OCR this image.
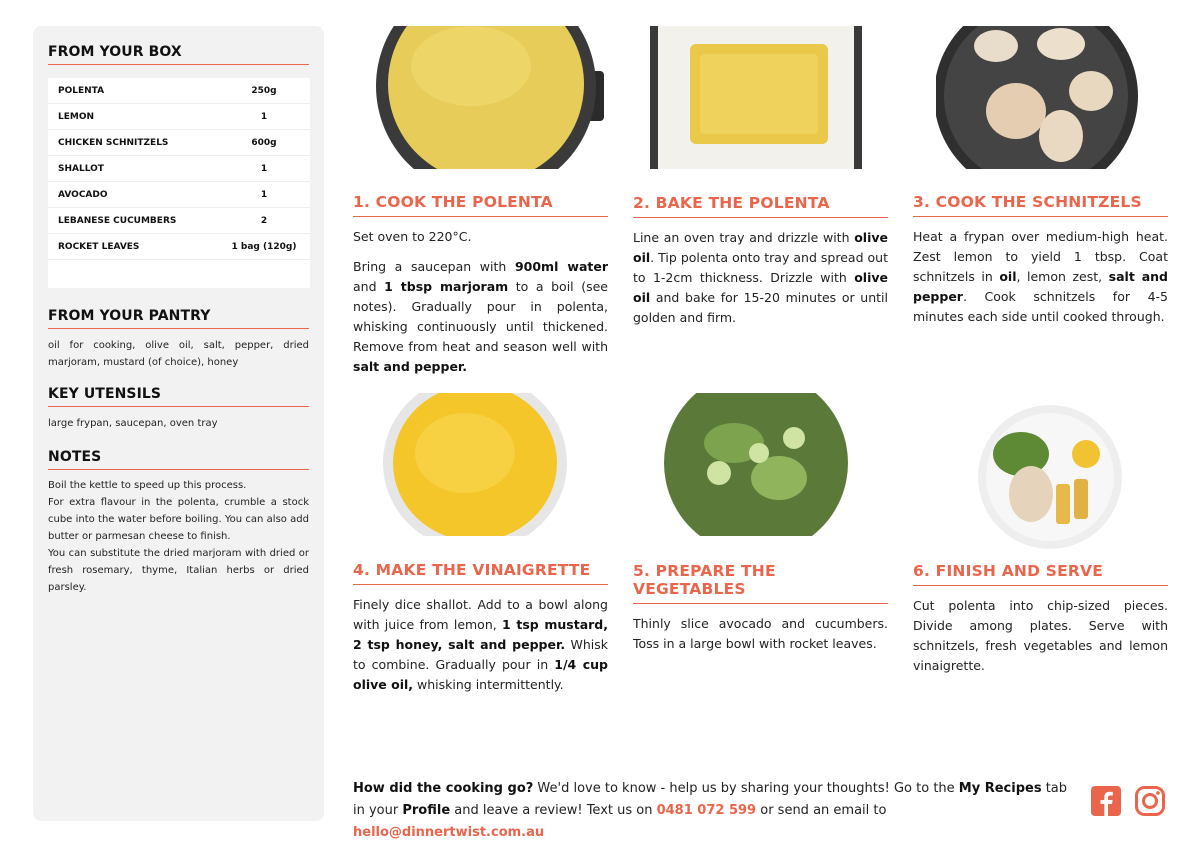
FROM YOUR BOX
POLENTA	250g
LEMON	1
CHICKEN SCHNITZELS	600g
SHALLOT	1
AVOCADO	1
LEBANESE CUCUMBERS	2
ROCKET LEAVES	1 bag (120g)
FROM YOUR PANTRY
oil for cooking, olive oil, salt, pepper, dried marjoram, mustard (of choice), honey
KEY UTENSILS
large frypan, saucepan, oven tray
NOTES
Boil the kettle to speed up this process.
For extra flavour in the polenta, crumble a stock cube into the water before boiling. You can also add butter or parmesan cheese to finish.
You can substitute the dried marjoram with dried or fresh rosemary, thyme, Italian herbs or dried parsley.
1. COOK THE POLENTA

Set oven to 220°C.

Bring a saucepan with 900ml water and 1 tbsp marjoram to a boil (see notes). Gradually pour in polenta, whisking continuously until thickened. Remove from heat and season well with salt and pepper.

2. BAKE THE POLENTA

Line an oven tray and drizzle with olive oil. Tip polenta onto tray and spread out to 1-2cm thickness. Drizzle with olive oil and bake for 15-20 minutes or until golden and firm.

3. COOK THE SCHNITZELS

Heat a frypan over medium-high heat. Zest lemon to yield 1 tbsp. Coat schnitzels in oil, lemon zest, salt and pepper. Cook schnitzels for 4-5 minutes each side until cooked through.

4. MAKE THE VINAIGRETTE

Finely dice shallot. Add to a bowl along with juice from lemon, 1 tsp mustard, 2 tsp honey, salt and pepper. Whisk to combine. Gradually pour in 1/4 cup olive oil, whisking intermittently.

5. PREPARE THE VEGETABLES

Thinly slice avocado and cucumbers. Toss in a large bowl with rocket leaves.

6. FINISH AND SERVE

Cut polenta into chip-sized pieces. Divide among plates. Serve with schnitzels, fresh vegetables and lemon vinaigrette.

How did the cooking go? We'd love to know - help us by sharing your thoughts! Go to the My Recipes tab in your Profile and leave a review! Text us on 0481 072 599 or send an email to hello@dinnertwist.com.au
